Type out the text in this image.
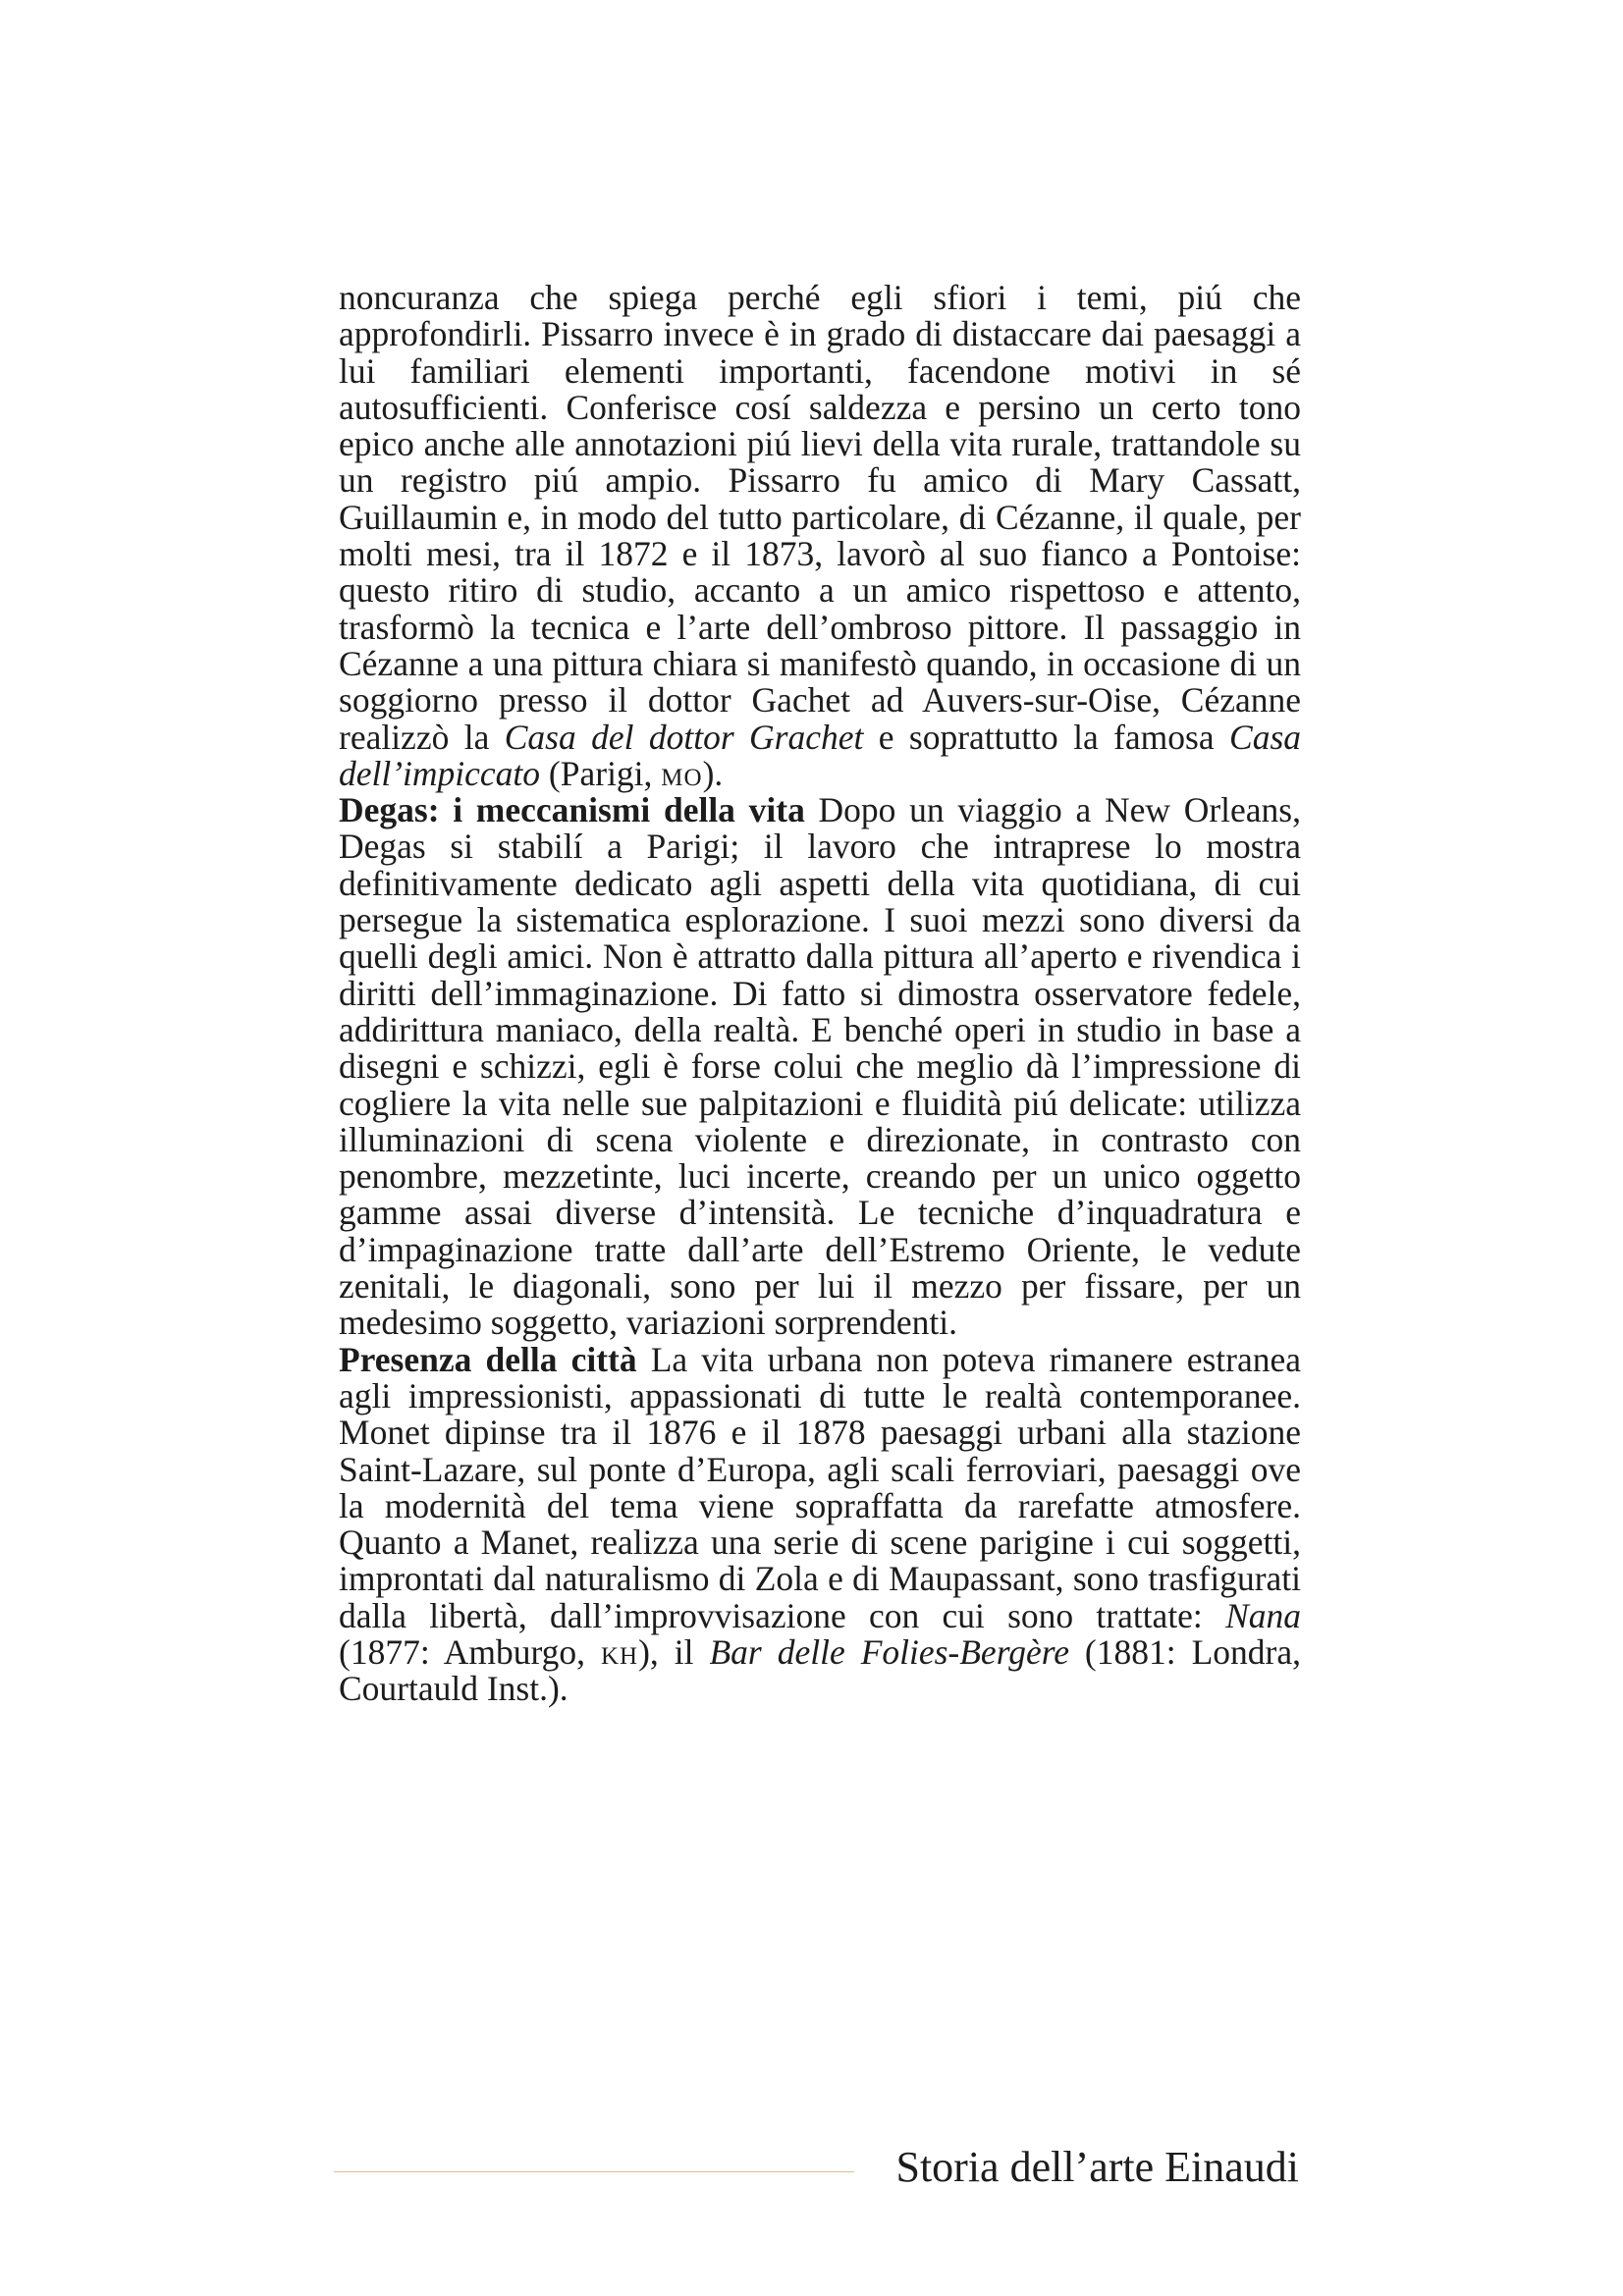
noncuranza che spiega perché egli sfiori i temi, piú che approfondirli. Pissarro invece è in grado di distaccare dai paesaggi a lui familiari elementi importanti, facendone motivi in sé autosufficienti. Conferisce cosí saldezza e persino un certo tono epico anche alle annotazioni piú lievi della vita rurale, trattandole su un registro piú ampio. Pissarro fu amico di Mary Cassatt, Guillaumin e, in modo del tutto particolare, di Cézanne, il quale, per molti mesi, tra il 1872 e il 1873, lavorò al suo fianco a Pontoise: questo ritiro di studio, accanto a un amico rispettoso e attento, trasformò la tecnica e l’arte dell’ombroso pittore. Il passaggio in Cézanne a una pittura chiara si manifestò quando, in occasione di un soggiorno presso il dottor Gachet ad Auvers-sur-Oise, Cézanne realizzò la Casa del dottor Grachet e soprattutto la famosa Casa dell’impiccato (Parigi, mo).

Degas: i meccanismi della vita Dopo un viaggio a New Orleans, Degas si stabilí a Parigi; il lavoro che intraprese lo mostra definitivamente dedicato agli aspetti della vita quotidiana, di cui persegue la sistematica esplorazione. I suoi mezzi sono diversi da quelli degli amici. Non è attratto dalla pittura all’aperto e rivendica i diritti dell’immaginazione. Di fatto si dimostra osservatore fedele, addirittura maniaco, della realtà. E benché operi in studio in base a disegni e schizzi, egli è forse colui che meglio dà l’impressione di cogliere la vita nelle sue palpitazioni e fluidità piú delicate: utilizza illuminazioni di scena violente e direzionate, in contrasto con penombre, mezzetinte, luci incerte, creando per un unico oggetto gamme assai diverse d’intensità. Le tecniche d’inquadratura e d’impaginazione tratte dall’arte dell’Estremo Oriente, le vedute zenitali, le diagonali, sono per lui il mezzo per fissare, per un medesimo soggetto, variazioni sorprendenti.

Presenza della città La vita urbana non poteva rimanere estranea agli impressionisti, appassionati di tutte le realtà contemporanee. Monet dipinse tra il 1876 e il 1878 paesaggi urbani alla stazione Saint-Lazare, sul ponte d’Europa, agli scali ferroviari, paesaggi ove la modernità del tema viene sopraffatta da rarefatte atmosfere. Quanto a Manet, realizza una serie di scene parigine i cui soggetti, improntati dal naturalismo di Zola e di Maupassant, sono trasfigurati dalla libertà, dall’improvvisazione con cui sono trattate: Nana (1877: Amburgo, kh), il Bar delle Folies-Bergère (1881: Londra, Courtauld Inst.).

Storia dell’arte Einaudi
